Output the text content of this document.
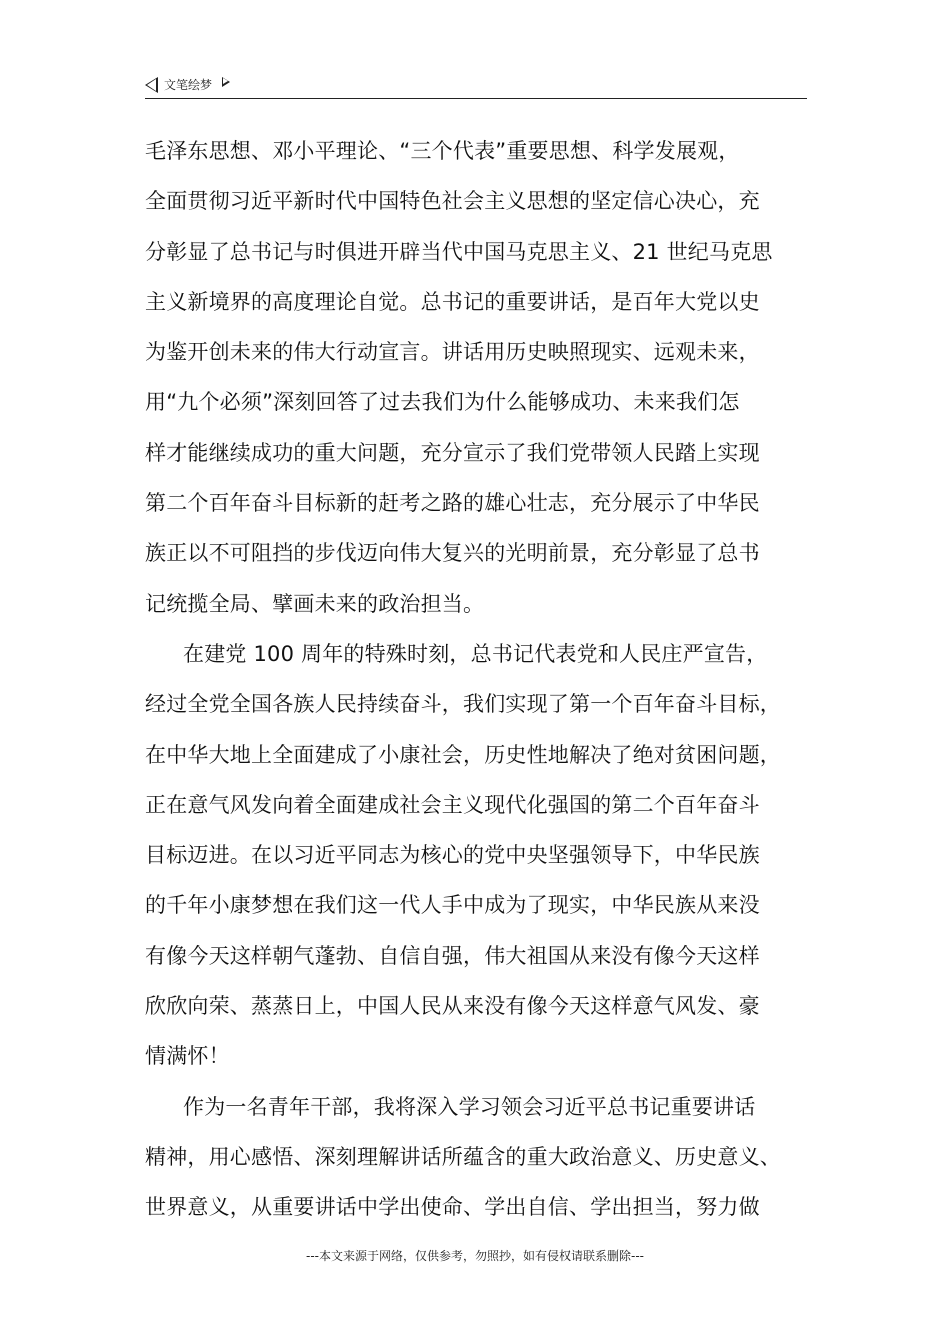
文笔绘梦
毛泽东思想、邓小平理论、“三个代表”重要思想、科学发展观，
全面贯彻习近平新时代中国特色社会主义思想的坚定信心决心，充
分彰显了总书记与时俱进开辟当代中国马克思主义、21 世纪马克思
主义新境界的高度理论自觉。总书记的重要讲话，是百年大党以史
为鉴开创未来的伟大行动宣言。讲话用历史映照现实、远观未来，
用“九个必须”深刻回答了过去我们为什么能够成功、未来我们怎
样才能继续成功的重大问题，充分宣示了我们党带领人民踏上实现
第二个百年奋斗目标新的赶考之路的雄心壮志，充分展示了中华民
族正以不可阻挡的步伐迈向伟大复兴的光明前景，充分彰显了总书
记统揽全局、擘画未来的政治担当。
在建党 100 周年的特殊时刻，总书记代表党和人民庄严宣告，
经过全党全国各族人民持续奋斗，我们实现了第一个百年奋斗目标，
在中华大地上全面建成了小康社会，历史性地解决了绝对贫困问题，
正在意气风发向着全面建成社会主义现代化强国的第二个百年奋斗
目标迈进。在以习近平同志为核心的党中央坚强领导下，中华民族
的千年小康梦想在我们这一代人手中成为了现实，中华民族从来没
有像今天这样朝气蓬勃、自信自强，伟大祖国从来没有像今天这样
欣欣向荣、蒸蒸日上，中国人民从来没有像今天这样意气风发、豪
情满怀！
作为一名青年干部，我将深入学习领会习近平总书记重要讲话
精神，用心感悟、深刻理解讲话所蕴含的重大政治意义、历史意义、
世界意义，从重要讲话中学出使命、学出自信、学出担当，努力做
---本文来源于网络，仅供参考，勿照抄，如有侵权请联系删除---
